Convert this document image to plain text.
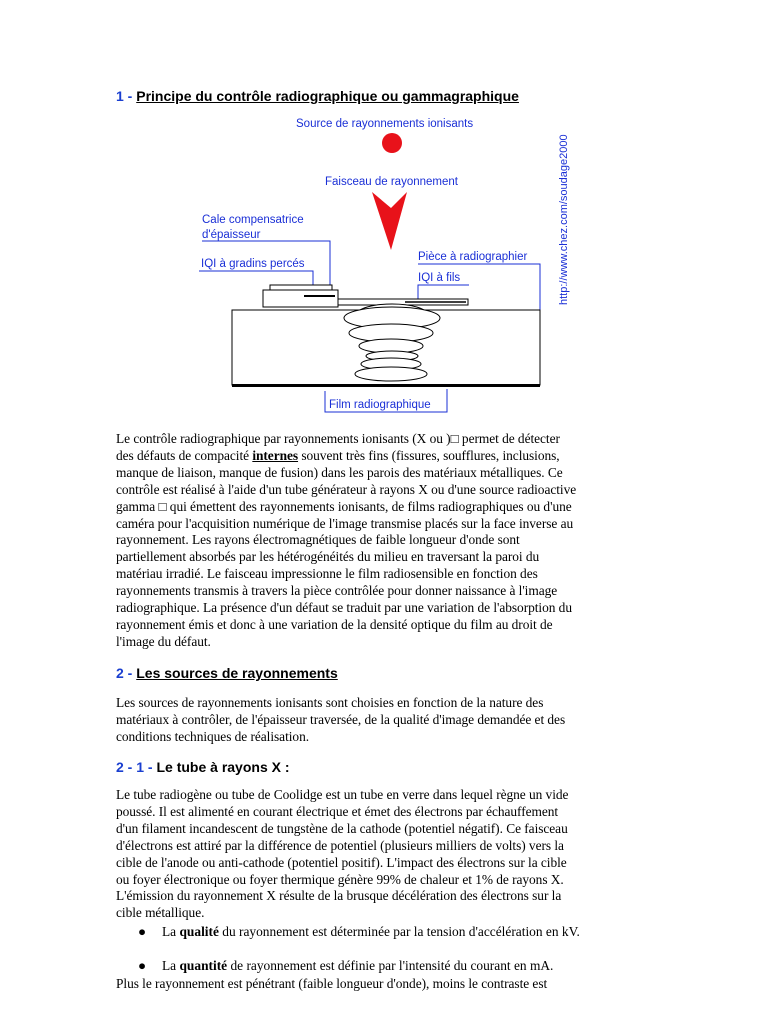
1 - Principe du contrôle radiographique ou gammagraphique
Source de rayonnements ionisants
Faisceau de rayonnement
Cale compensatrice
d'épaisseur
IQI à gradins percés
Pièce à radiographier
IQI à fils
Film radiographique
http://www.chez.com/soudage2000
Le contrôle radiographique par rayonnements ionisants (X ou )□ permet de détecter
des défauts de compacité internes souvent très fins (fissures, soufflures, inclusions,
manque de liaison, manque de fusion) dans les parois des matériaux métalliques. Ce
contrôle est réalisé à l'aide d'un tube générateur à rayons X ou d'une source radioactive
gamma □ qui émettent des rayonnements ionisants, de films radiographiques ou d'une
caméra pour l'acquisition numérique de l'image transmise placés sur la face inverse au
rayonnement. Les rayons électromagnétiques de faible longueur d'onde sont
partiellement absorbés par les hétérogénéités du milieu en traversant la paroi du
matériau irradié. Le faisceau impressionne le film radiosensible en fonction des
rayonnements transmis à travers la pièce contrôlée pour donner naissance à l'image
radiographique. La présence d'un défaut se traduit par une variation de l'absorption du
rayonnement émis et donc à une variation de la densité optique du film au droit de
l'image du défaut.
2 - Les sources de rayonnements
Les sources de rayonnements ionisants sont choisies en fonction de la nature des
matériaux à contrôler, de l'épaisseur traversée, de la qualité d'image demandée et des
conditions techniques de réalisation.
2 - 1 - Le tube à rayons X :
Le tube radiogène ou tube de Coolidge est un tube en verre dans lequel règne un vide
poussé. Il est alimenté en courant électrique et émet des électrons par échauffement
d'un filament incandescent de tungstène de la cathode (potentiel négatif). Ce faisceau
d'électrons est attiré par la différence de potentiel (plusieurs milliers de volts) vers la
cible de l'anode ou anti-cathode (potentiel positif). L'impact des électrons sur la cible
ou foyer électronique ou foyer thermique génère 99% de chaleur et 1% de rayons X.
L'émission du rayonnement X résulte de la brusque décélération des électrons sur la
cible métallique.
● La qualité du rayonnement est déterminée par la tension d'accélération en kV.
● La quantité de rayonnement est définie par l'intensité du courant en mA.
Plus le rayonnement est pénétrant (faible longueur d'onde), moins le contraste est
